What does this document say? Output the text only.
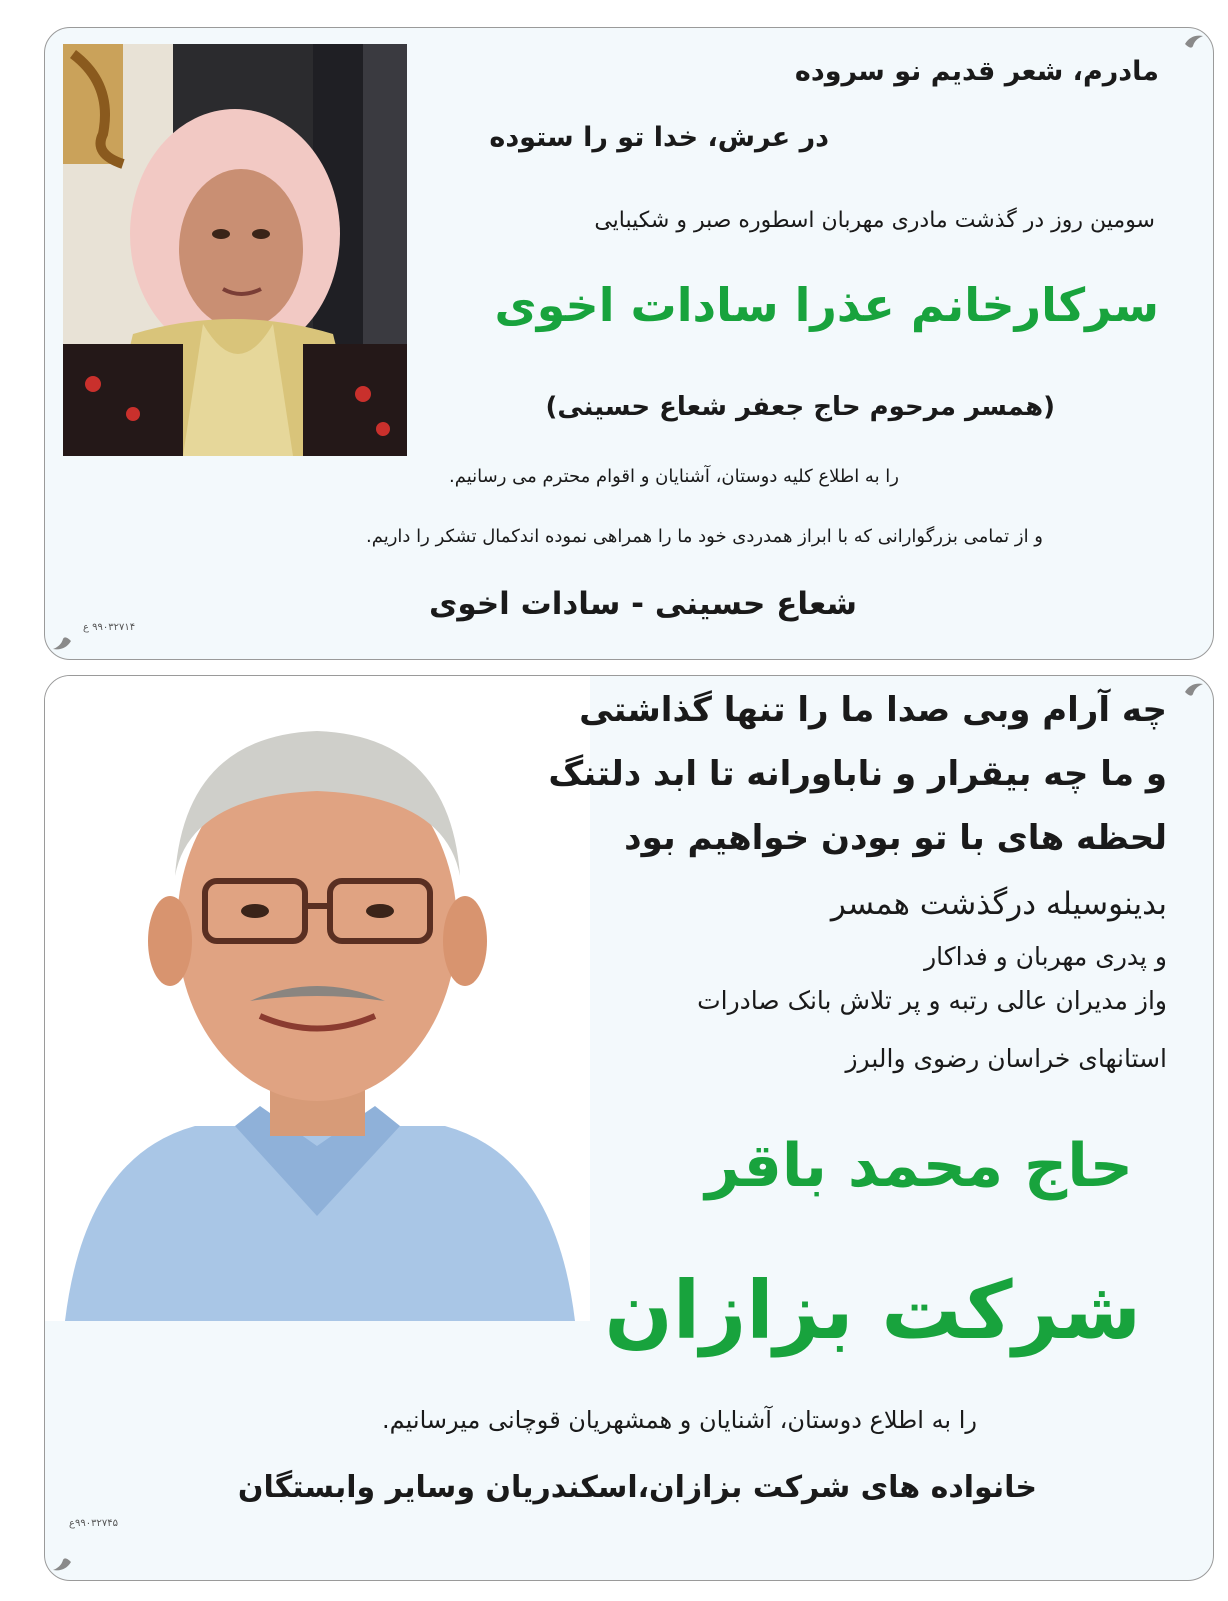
مادرم، شعر قدیم نو سروده
در عرش، خدا تو را ستوده
سومین روز در گذشت مادری مهربان اسطوره صبر و شکیبایی
سرکارخانم عذرا سادات اخوی
(همسر مرحوم حاج جعفر شعاع حسینی)
را به اطلاع کلیه دوستان، آشنایان و اقوام محترم می رسانیم.
و از تمامی بزرگوارانی که با ابراز همدردی خود ما را همراهی نموده اندکمال تشکر را داریم.
شعاع حسینی - سادات اخوی
۹۹۰۳۲۷۱۴ ع
چه آرام وبی صدا ما را تنها گذاشتی
و ما چه بیقرار و ناباورانه تا ابد دلتنگ
لحظه های با تو بودن خواهیم بود
بدینوسیله درگذشت همسر
و پدری مهربان و فداکار
واز مدیران عالی رتبه و پر تلاش بانک صادرات
استانهای خراسان رضوی والبرز
حاج محمد باقر
شرکت بزازان
را به اطلاع دوستان، آشنایان و همشهریان قوچانی میرسانیم.
خانواده های شرکت بزازان،اسکندریان وسایر وابستگان
۹۹۰۳۲۷۴۵ع
